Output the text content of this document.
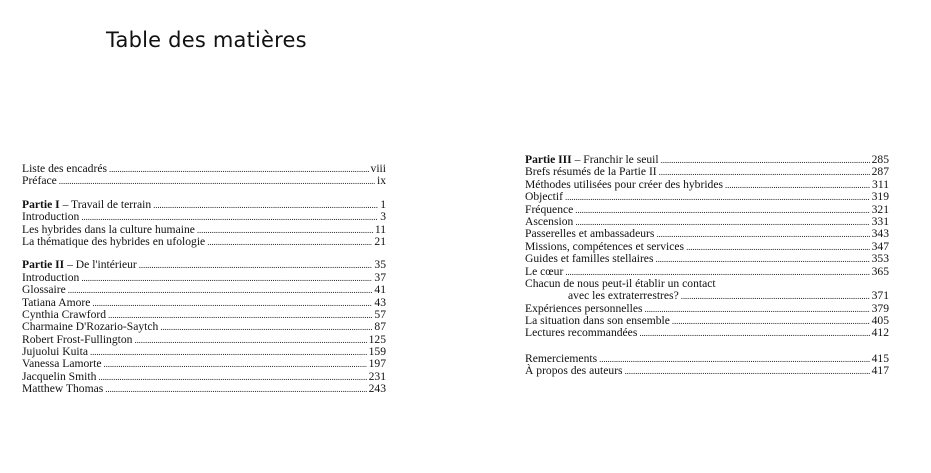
Table des matières
Liste des encadrés . . .	viii
Préface . . .	ix
Partie I – Travail de terrain . . .	1
Introduction . . .	3
Les hybrides dans la culture humaine . . .	11
La thématique des hybrides en ufologie . . .	21
Partie II – De l'intérieur . . .	35
Introduction . . .	37
Glossaire . . .	41
Tatiana Amore . . .	43
Cynthia Crawford . . .	57
Charmaine D'Rozario-Saytch . . .	87
Robert Frost-Fullington . . .	125
Jujuolui Kuita . . .	159
Vanessa Lamorte . . .	197
Jacquelin Smith . . .	231
Matthew Thomas . . .	243
Partie III – Franchir le seuil . . .	285
Brefs résumés de la Partie II . . .	287
Méthodes utilisées pour créer des hybrides . . .	311
Objectif . . .	319
Fréquence . . .	321
Ascension . . .	331
Passerelles et ambassadeurs . . .	343
Missions, compétences et services . . .	347
Guides et familles stellaires . . .	353
Le cœur . . .	365
Chacun de nous peut-il établir un contact
avec les extraterrestres? . . .	371
Expériences personnelles . . .	379
La situation dans son ensemble . . .	405
Lectures recommandées . . .	412
Remerciements . . .	415
À propos des auteurs . . .	417
